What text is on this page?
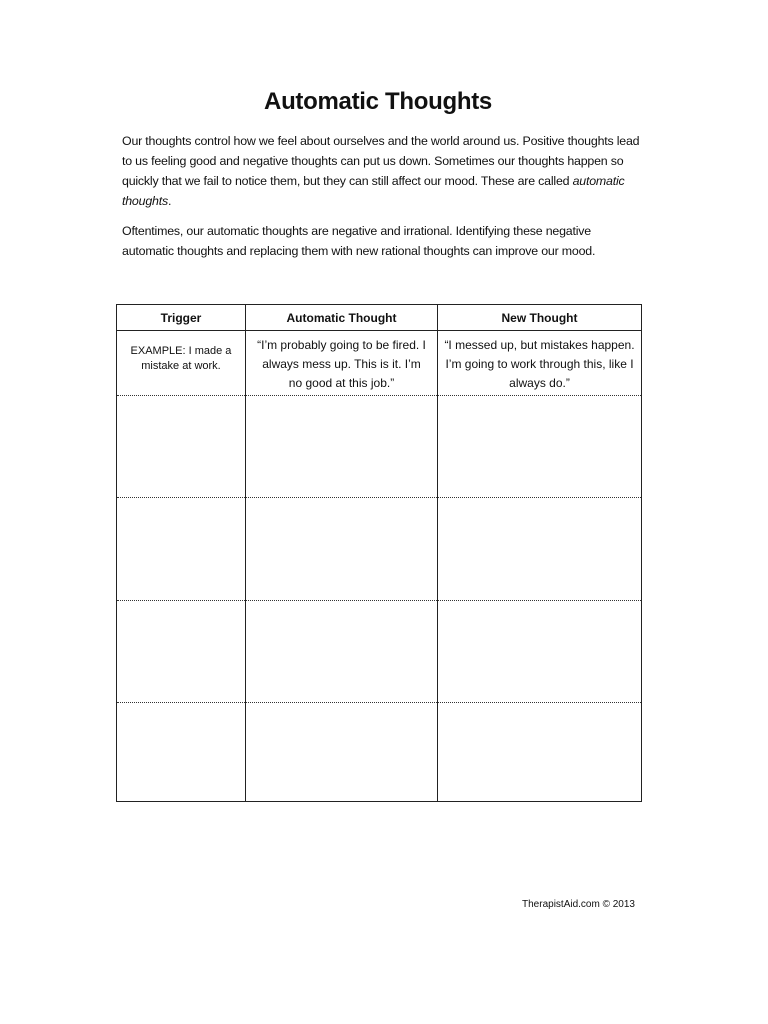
Automatic Thoughts
Our thoughts control how we feel about ourselves and the world around us. Positive thoughts lead to us feeling good and negative thoughts can put us down. Sometimes our thoughts happen so quickly that we fail to notice them, but they can still affect our mood. These are called automatic thoughts.
Oftentimes, our automatic thoughts are negative and irrational. Identifying these negative automatic thoughts and replacing them with new rational thoughts can improve our mood.
Trigger	Automatic Thought	New Thought
EXAMPLE: I made a mistake at work.
“I’m probably going to be fired. I always mess up. This is it. I’m no good at this job.”
“I messed up, but mistakes happen. I’m going to work through this, like I always do.”
TherapistAid.com © 2013
